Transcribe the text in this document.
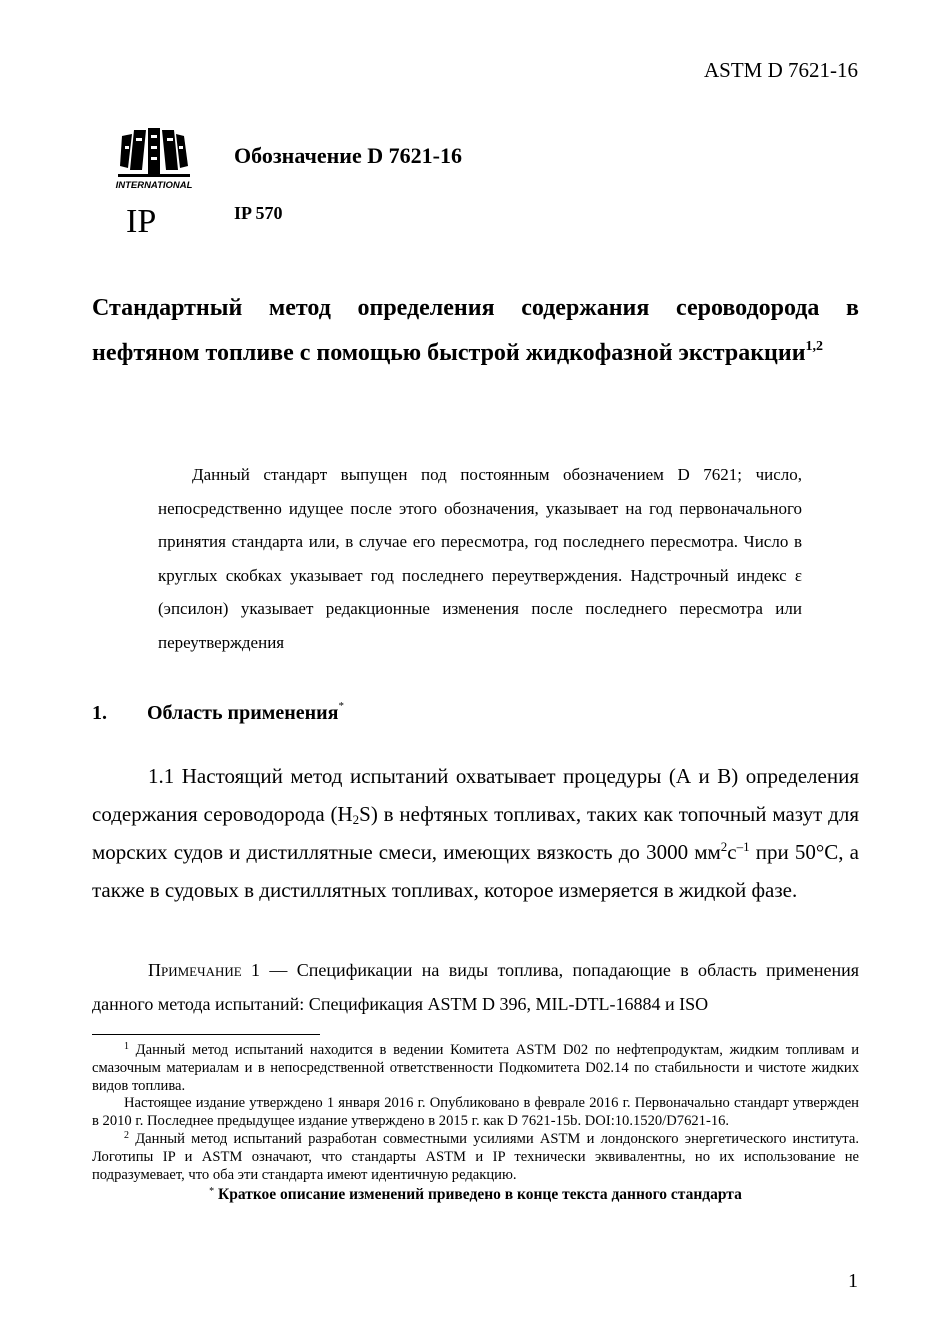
ASTM D 7621-16
INTERNATIONAL
IP
Обозначение D 7621-16
IP 570
Стандартный метод определения содержания сероводорода в нефтяном топливе с помощью быстрой жидкофазной экстракции$^{1,2}$
Данный стандарт выпущен под постоянным обозначением D 7621; число, непосредственно идущее после этого обозначения, указывает на год первоначального принятия стандарта или, в случае его пересмотра, год последнего пересмотра. Число в круглых скобках указывает год последнего переутверждения. Надстрочный индекс ε (эпсилон) указывает редакционные изменения после последнего пересмотра или переутверждения
1. Область применения*
1.1 Настоящий метод испытаний охватывает процедуры (А и В) определения содержания сероводорода $(H_2S)$ в нефтяных топливах, таких как топочный мазут для морских судов и дистиллятные смеси, имеющих вязкость до 3000 $мм^2с^{-1}$ при 50°C, а также в судовых в дистиллятных топливах, которое измеряется в жидкой фазе.
Примечание 1 — Спецификации на виды топлива, попадающие в область применения данного метода испытаний: Спецификация ASTM D 396, MIL-DTL-16884 и ISO

$^1$ Данный метод испытаний находится в ведении Комитета ASTM D02 по нефтепродуктам, жидким топливам и смазочным материалам и в непосредственной ответственности Подкомитета D02.14 по стабильности и чистоте жидких видов топлива.

Настоящее издание утверждено 1 января 2016 г. Опубликовано в феврале 2016 г. Первоначально стандарт утвержден в 2010 г. Последнее предыдущее издание утверждено в 2015 г. как D 7621-15b. DOI:10.1520/D7621-16.

$^2$ Данный метод испытаний разработан совместными усилиями ASTM и лондонского энергетического института. Логотипы IP и ASTM означают, что стандарты ASTM и IP технически эквивалентны, но их использование не подразумевает, что оба эти стандарта имеют идентичную редакцию.

* Краткое описание изменений приведено в конце текста данного стандарта

1
